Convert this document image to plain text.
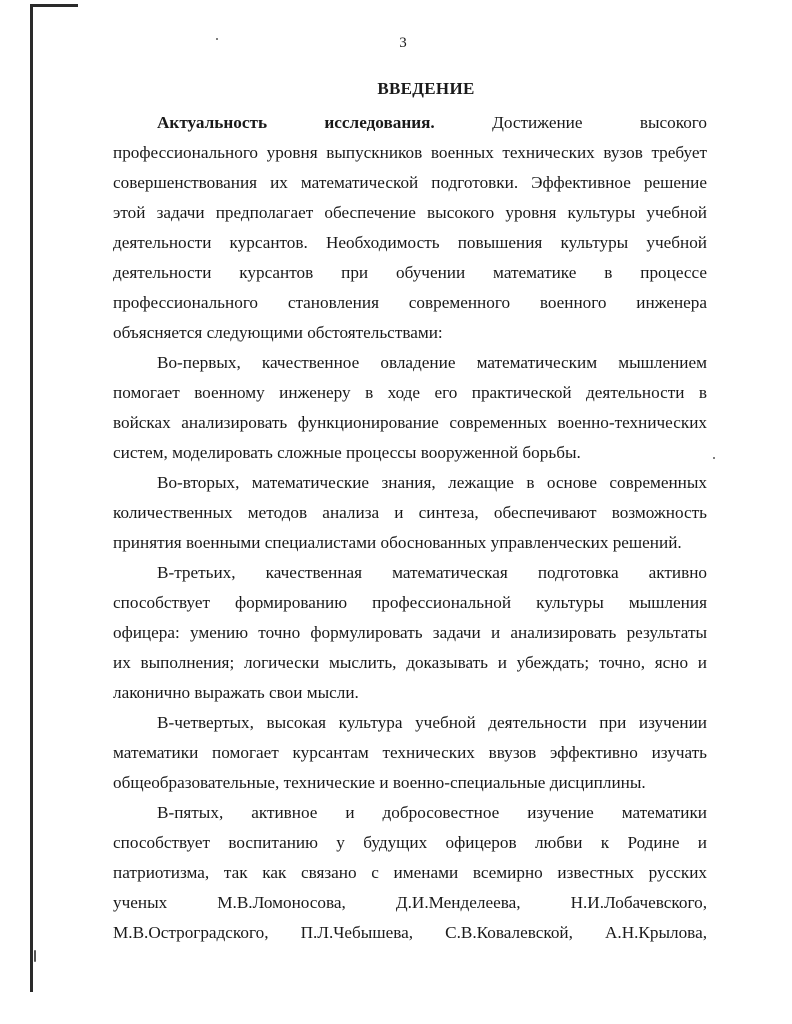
3
ВВЕДЕНИЕ
Актуальность исследования. Достижение высокого
профессионального уровня выпускников военных технических вузов требует
совершенствования их математической подготовки. Эффективное решение
этой задачи предполагает обеспечение высокого уровня культуры учебной
деятельности курсантов. Необходимость повышения культуры учебной
деятельности курсантов при обучении математике в процессе
профессионального становления современного военного инженера
объясняется следующими обстоятельствами:
Во-первых, качественное овладение математическим мышлением
помогает военному инженеру в ходе его практической деятельности в
войсках анализировать функционирование современных военно-технических
систем, моделировать сложные процессы вооруженной борьбы.
Во-вторых, математические знания, лежащие в основе современных
количественных методов анализа и синтеза, обеспечивают возможность
принятия военными специалистами обоснованных управленческих решений.
В-третьих, качественная математическая подготовка активно
способствует формированию профессиональной культуры мышления
офицера: умению точно формулировать задачи и анализировать результаты
их выполнения; логически мыслить, доказывать и убеждать; точно, ясно и
лаконично выражать свои мысли.
В-четвертых, высокая культура учебной деятельности при изучении
математики помогает курсантам технических ввузов эффективно изучать
общеобразовательные, технические и военно-специальные дисциплины.
В-пятых, активное и добросовестное изучение математики
способствует воспитанию у будущих офицеров любви к Родине и
патриотизма, так как связано с именами всемирно известных русских
ученых М.В.Ломоносова, Д.И.Менделеева, Н.И.Лобачевского,
М.В.Остроградского, П.Л.Чебышева, С.В.Ковалевской, А.Н.Крылова,
